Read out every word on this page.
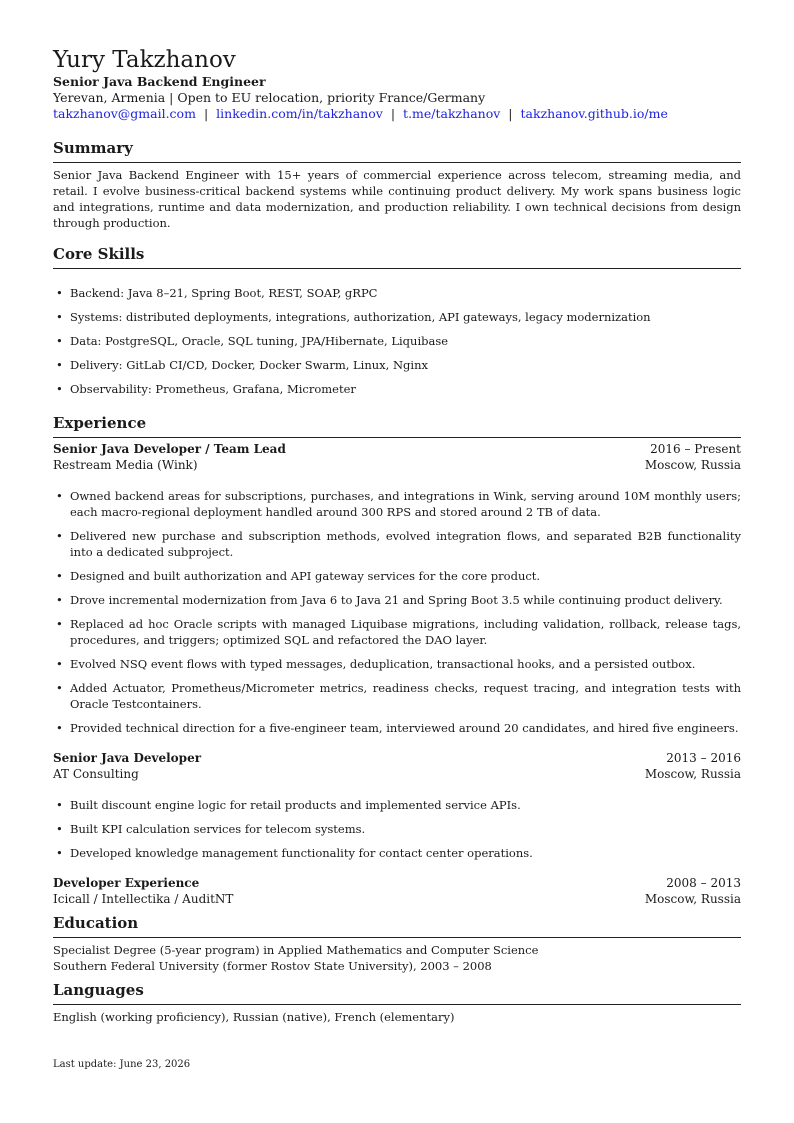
Yury Takzhanov
Senior Java Backend Engineer
Yerevan, Armenia | Open to EU relocation, priority France/Germany
takzhanov@gmail.com | linkedin.com/in/takzhanov | t.me/takzhanov | takzhanov.github.io/me
Summary

Senior Java Backend Engineer with 15+ years of commercial experience across telecom, streaming media, and retail. I evolve business-critical backend systems while continuing product delivery. My work spans business logic and integrations, runtime and data modernization, and production reliability. I own technical decisions from design through production.

Core Skills
• Backend: Java 8–21, Spring Boot, REST, SOAP, gRPC
• Systems: distributed deployments, integrations, authorization, API gateways, legacy modernization
• Data: PostgreSQL, Oracle, SQL tuning, JPA/Hibernate, Liquibase
• Delivery: GitLab CI/CD, Docker, Docker Swarm, Linux, Nginx
• Observability: Prometheus, Grafana, Micrometer
Experience
Senior Java Developer / Team Lead	2016 – Present
Restream Media (Wink)	Moscow, Russia
• Owned backend areas for subscriptions, purchases, and integrations in Wink, serving around 10M monthly users; each macro-regional deployment handled around 300 RPS and stored around 2 TB of data.
• Delivered new purchase and subscription methods, evolved integration flows, and separated B2B functionality into a dedicated subproject.
• Designed and built authorization and API gateway services for the core product.
• Drove incremental modernization from Java 6 to Java 21 and Spring Boot 3.5 while continuing product delivery.
• Replaced ad hoc Oracle scripts with managed Liquibase migrations, including validation, rollback, release tags, procedures, and triggers; optimized SQL and refactored the DAO layer.
• Evolved NSQ event flows with typed messages, deduplication, transactional hooks, and a persisted outbox.
• Added Actuator, Prometheus/Micrometer metrics, readiness checks, request tracing, and integration tests with Oracle Testcontainers.
• Provided technical direction for a five-engineer team, interviewed around 20 candidates, and hired five engineers.
Senior Java Developer	2013 – 2016
AT Consulting	Moscow, Russia
• Built discount engine logic for retail products and implemented service APIs.
• Built KPI calculation services for telecom systems.
• Developed knowledge management functionality for contact center operations.
Developer Experience	2008 – 2013
Icicall / Intellectika / AuditNT	Moscow, Russia
Education
Specialist Degree (5-year program) in Applied Mathematics and Computer Science
Southern Federal University (former Rostov State University), 2003 – 2008
Languages

English (working proficiency), Russian (native), French (elementary)

Last update: June 23, 2026
